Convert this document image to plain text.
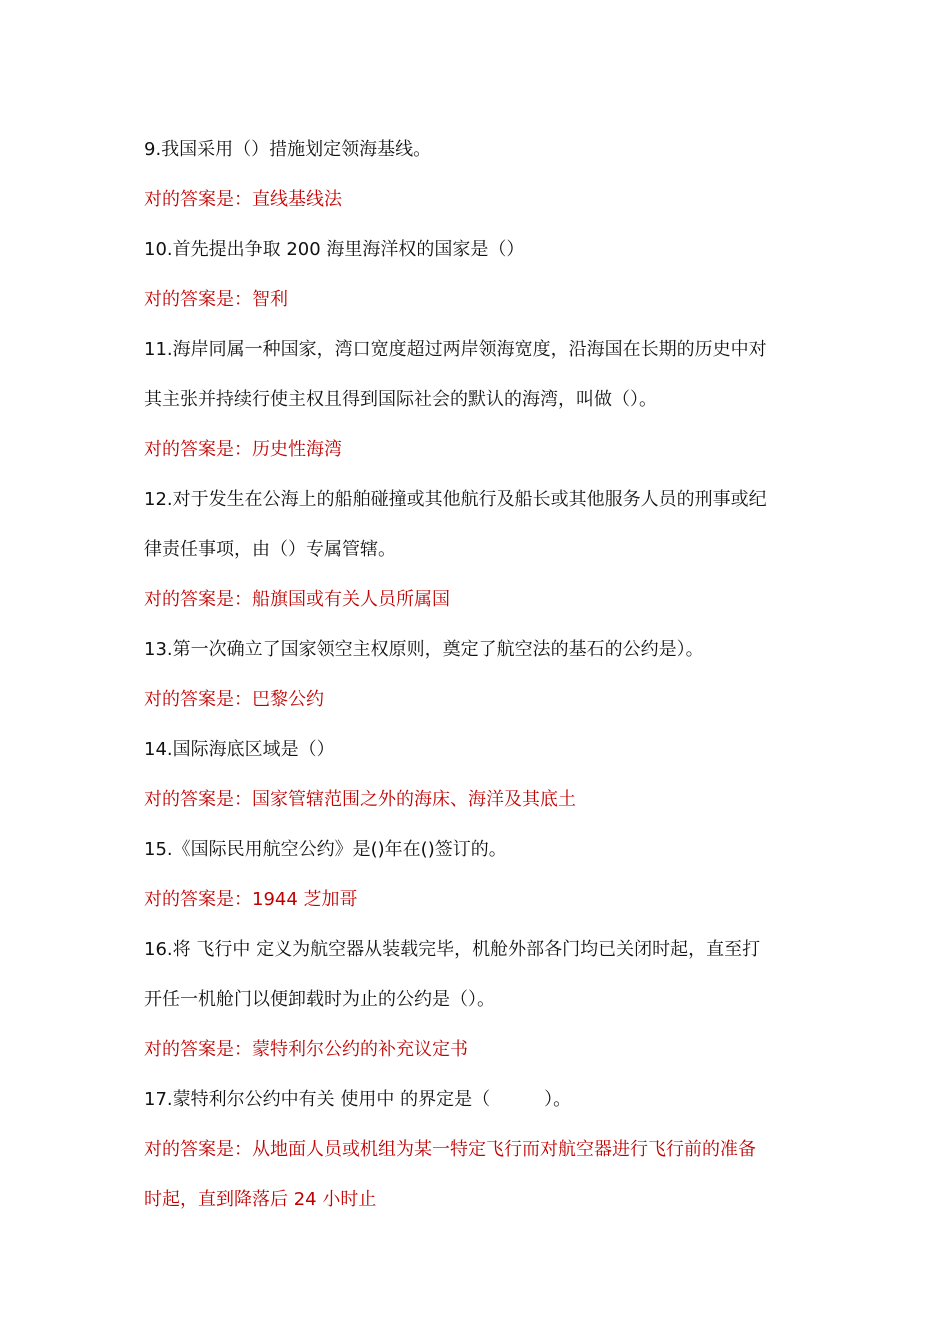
9.我国采用（）措施划定领海基线。
对的答案是：直线基线法
10.首先提出争取 200 海里海洋权的国家是（）
对的答案是：智利
11.海岸同属一种国家，湾口宽度超过两岸领海宽度，沿海国在长期的历史中对
其主张并持续行使主权且得到国际社会的默认的海湾，叫做（）。
对的答案是：历史性海湾
12.对于发生在公海上的船舶碰撞或其他航行及船长或其他服务人员的刑事或纪
律责任事项，由（）专属管辖。
对的答案是：船旗国或有关人员所属国
13.第一次确立了国家领空主权原则，奠定了航空法的基石的公约是）。
对的答案是：巴黎公约
14.国际海底区域是（）
对的答案是：国家管辖范围之外的海床、海洋及其底土
15.《国际民用航空公约》是()年在()签订的。
对的答案是：1944 芝加哥
16.将 飞行中 定义为航空器从装载完毕，机舱外部各门均已关闭时起，直至打
开任一机舱门以便卸载时为止的公约是（）。
对的答案是：蒙特利尔公约的补充议定书
17.蒙特利尔公约中有关 使用中 的界定是（　　　）。
对的答案是：从地面人员或机组为某一特定飞行而对航空器进行飞行前的准备
时起，直到降落后 24 小时止
